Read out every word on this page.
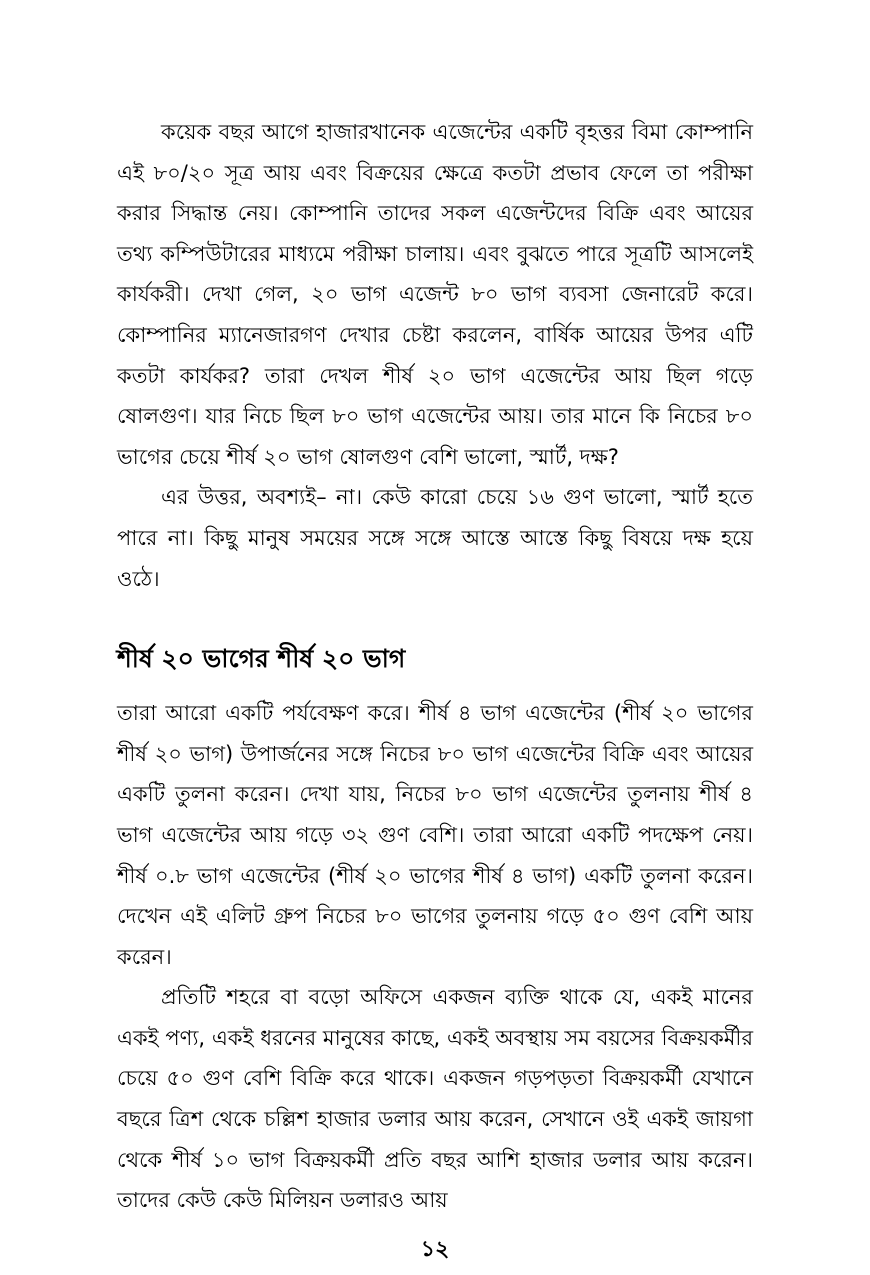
কয়েক বছর আগে হাজারখানেক এজেন্টের একটি বৃহত্তর বিমা কোম্পানি এই ৮০/২০ সূত্র আয় এবং বিক্রয়ের ক্ষেত্রে কতটা প্রভাব ফেলে তা পরীক্ষা করার সিদ্ধান্ত নেয়। কোম্পানি তাদের সকল এজেন্টদের বিক্রি এবং আয়ের তথ্য কম্পিউটারের মাধ্যমে পরীক্ষা চালায়। এবং বুঝতে পারে সূত্রটি আসলেই কার্যকরী। দেখা গেল, ২০ ভাগ এজেন্ট ৮০ ভাগ ব্যবসা জেনারেট করে। কোম্পানির ম্যানেজারগণ দেখার চেষ্টা করলেন, বার্ষিক আয়ের উপর এটি কতটা কার্যকর? তারা দেখল শীর্ষ ২০ ভাগ এজেন্টের আয় ছিল গড়ে ষোলগুণ। যার নিচে ছিল ৮০ ভাগ এজেন্টের আয়। তার মানে কি নিচের ৮০ ভাগের চেয়ে শীর্ষ ২০ ভাগ ষোলগুণ বেশি ভালো, স্মার্ট, দক্ষ?

এর উত্তর, অবশ্যই– না। কেউ কারো চেয়ে ১৬ গুণ ভালো, স্মার্ট হতে পারে না। কিছু মানুষ সময়ের সঙ্গে সঙ্গে আস্তে আস্তে কিছু বিষয়ে দক্ষ হয়ে ওঠে।

শীর্ষ ২০ ভাগের শীর্ষ ২০ ভাগ

তারা আরো একটি পর্যবেক্ষণ করে। শীর্ষ ৪ ভাগ এজেন্টের (শীর্ষ ২০ ভাগের শীর্ষ ২০ ভাগ) উপার্জনের সঙ্গে নিচের ৮০ ভাগ এজেন্টের বিক্রি এবং আয়ের একটি তুলনা করেন। দেখা যায়, নিচের ৮০ ভাগ এজেন্টের তুলনায় শীর্ষ ৪ ভাগ এজেন্টের আয় গড়ে ৩২ গুণ বেশি। তারা আরো একটি পদক্ষেপ নেয়। শীর্ষ ০.৮ ভাগ এজেন্টের (শীর্ষ ২০ ভাগের শীর্ষ ৪ ভাগ) একটি তুলনা করেন। দেখেন এই এলিট গ্রুপ নিচের ৮০ ভাগের তুলনায় গড়ে ৫০ গুণ বেশি আয় করেন।

প্রতিটি শহরে বা বড়ো অফিসে একজন ব্যক্তি থাকে যে, একই মানের একই পণ্য, একই ধরনের মানুষের কাছে, একই অবস্থায় সম বয়সের বিক্রয়কর্মীর চেয়ে ৫০ গুণ বেশি বিক্রি করে থাকে। একজন গড়পড়তা বিক্রয়কর্মী যেখানে বছরে ত্রিশ থেকে চল্লিশ হাজার ডলার আয় করেন, সেখানে ওই একই জায়গা থেকে শীর্ষ ১০ ভাগ বিক্রয়কর্মী প্রতি বছর আশি হাজার ডলার আয় করেন। তাদের কেউ কেউ মিলিয়ন ডলারও আয়

১২
